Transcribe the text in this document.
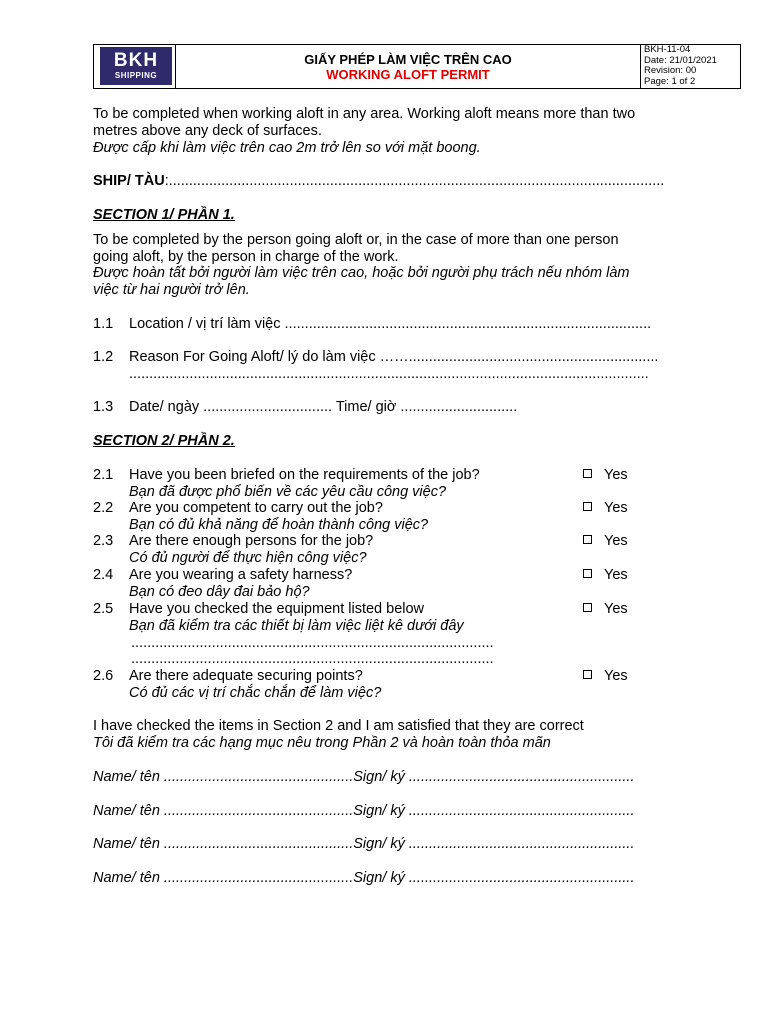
BKH
SHIPPING
GIẤY PHÉP LÀM VIỆC TRÊN CAO
WORKING ALOFT PERMIT
BKH-11-04
Date: 21/01/2021
Revision: 00
Page: 1 of 2
To be completed when working aloft in any area. Working aloft means more than two
metres above any deck of surfaces.
Được cấp khi làm việc trên cao 2m trở lên so với mặt boong.
SHIP/ TÀU:...........................................................................................................................
SECTION 1/ PHẦN 1.
To be completed by the person going aloft or, in the case of more than one person
going aloft, by the person in charge of the work.
Được hoàn tất bởi người làm việc trên cao, hoặc bởi người phụ trách nếu nhóm làm
việc từ hai người trở lên.
1.1 Location / vị trí làm việc ...........................................................................................
1.2 Reason For Going Aloft/ lý do làm việc ……..............................................................
.................................................................................................................................
1.3 Date/ ngày ................................ Time/ giờ .............................
SECTION 2/ PHẦN 2.
2.1 Have you been briefed on the requirements of the job?
Bạn đã được phổ biến về các yêu cầu công việc?
Yes
2.2 Are you competent to carry out the job?
Bạn có đủ khả năng để hoàn thành công việc?
Yes
2.3 Are there enough persons for the job?
Có đủ người để thực hiện công việc?
Yes
2.4 Are you wearing a safety harness?
Bạn có đeo dây đai bảo hộ?
Yes
2.5 Have you checked the equipment listed below
Bạn đã kiểm tra các thiết bị làm việc liệt kê dưới đây
..........................................................................................
..........................................................................................
Yes
2.6 Are there adequate securing points?
Có đủ các vị trí chắc chắn để làm việc?
Yes
I have checked the items in Section 2 and I am satisfied that they are correct
Tôi đã kiểm tra các hạng mục nêu trong Phần 2 và hoàn toàn thỏa mãn
Name/ tên ...............................................Sign/ ký ........................................................
Name/ tên ...............................................Sign/ ký ........................................................
Name/ tên ...............................................Sign/ ký ........................................................
Name/ tên ...............................................Sign/ ký ........................................................
